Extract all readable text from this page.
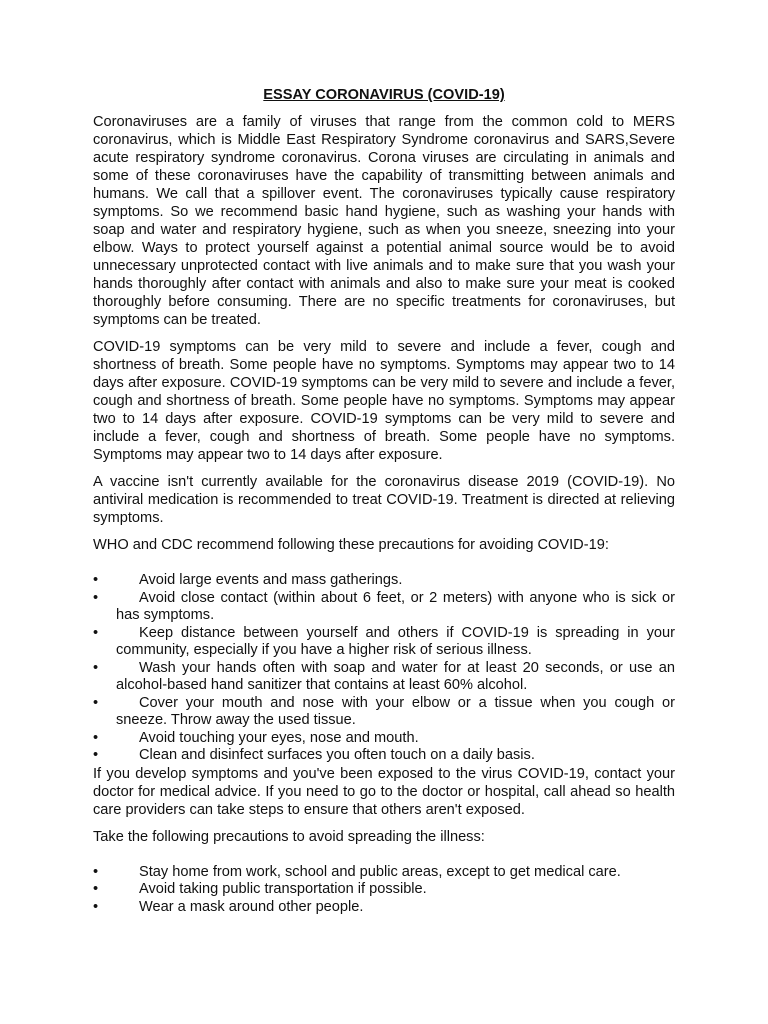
ESSAY CORONAVIRUS (COVID-19)

Coronaviruses are a family of viruses that range from the common cold to MERS coronavirus, which is Middle East Respiratory Syndrome coronavirus and SARS,Severe acute respiratory syndrome coronavirus. Corona viruses are circulating in animals and some of these coronaviruses have the capability of transmitting between animals and humans. We call that a spillover event. The coronaviruses typically cause respiratory symptoms. So we recommend basic hand hygiene, such as washing your hands with soap and water and respiratory hygiene, such as when you sneeze, sneezing into your elbow. Ways to protect yourself against a potential animal source would be to avoid unnecessary unprotected contact with live animals and to make sure that you wash your hands thoroughly after contact with animals and also to make sure your meat is cooked thoroughly before consuming. There are no specific treatments for coronaviruses, but symptoms can be treated.

COVID-19 symptoms can be very mild to severe and include a fever, cough and shortness of breath. Some people have no symptoms. Symptoms may appear two to 14 days after exposure. COVID-19 symptoms can be very mild to severe and include a fever, cough and shortness of breath. Some people have no symptoms. Symptoms may appear two to 14 days after exposure. COVID-19 symptoms can be very mild to severe and include a fever, cough and shortness of breath. Some people have no symptoms. Symptoms may appear two to 14 days after exposure.

A vaccine isn't currently available for the coronavirus disease 2019 (COVID-19). No antiviral medication is recommended to treat COVID-19. Treatment is directed at relieving symptoms.

WHO and CDC recommend following these precautions for avoiding COVID-19:

•	Avoid large events and mass gatherings.
•	Avoid close contact (within about 6 feet, or 2 meters) with anyone who is sick or has symptoms.
•	Keep distance between yourself and others if COVID-19 is spreading in your community, especially if you have a higher risk of serious illness.
•	Wash your hands often with soap and water for at least 20 seconds, or use an alcohol-based hand sanitizer that contains at least 60% alcohol.
•	Cover your mouth and nose with your elbow or a tissue when you cough or sneeze. Throw away the used tissue.
•	Avoid touching your eyes, nose and mouth.
•	Clean and disinfect surfaces you often touch on a daily basis.

If you develop symptoms and you've been exposed to the virus COVID-19, contact your doctor for medical advice. If you need to go to the doctor or hospital, call ahead so health care providers can take steps to ensure that others aren't exposed.

Take the following precautions to avoid spreading the illness:

•	Stay home from work, school and public areas, except to get medical care.
•	Avoid taking public transportation if possible.
•	Wear a mask around other people.
